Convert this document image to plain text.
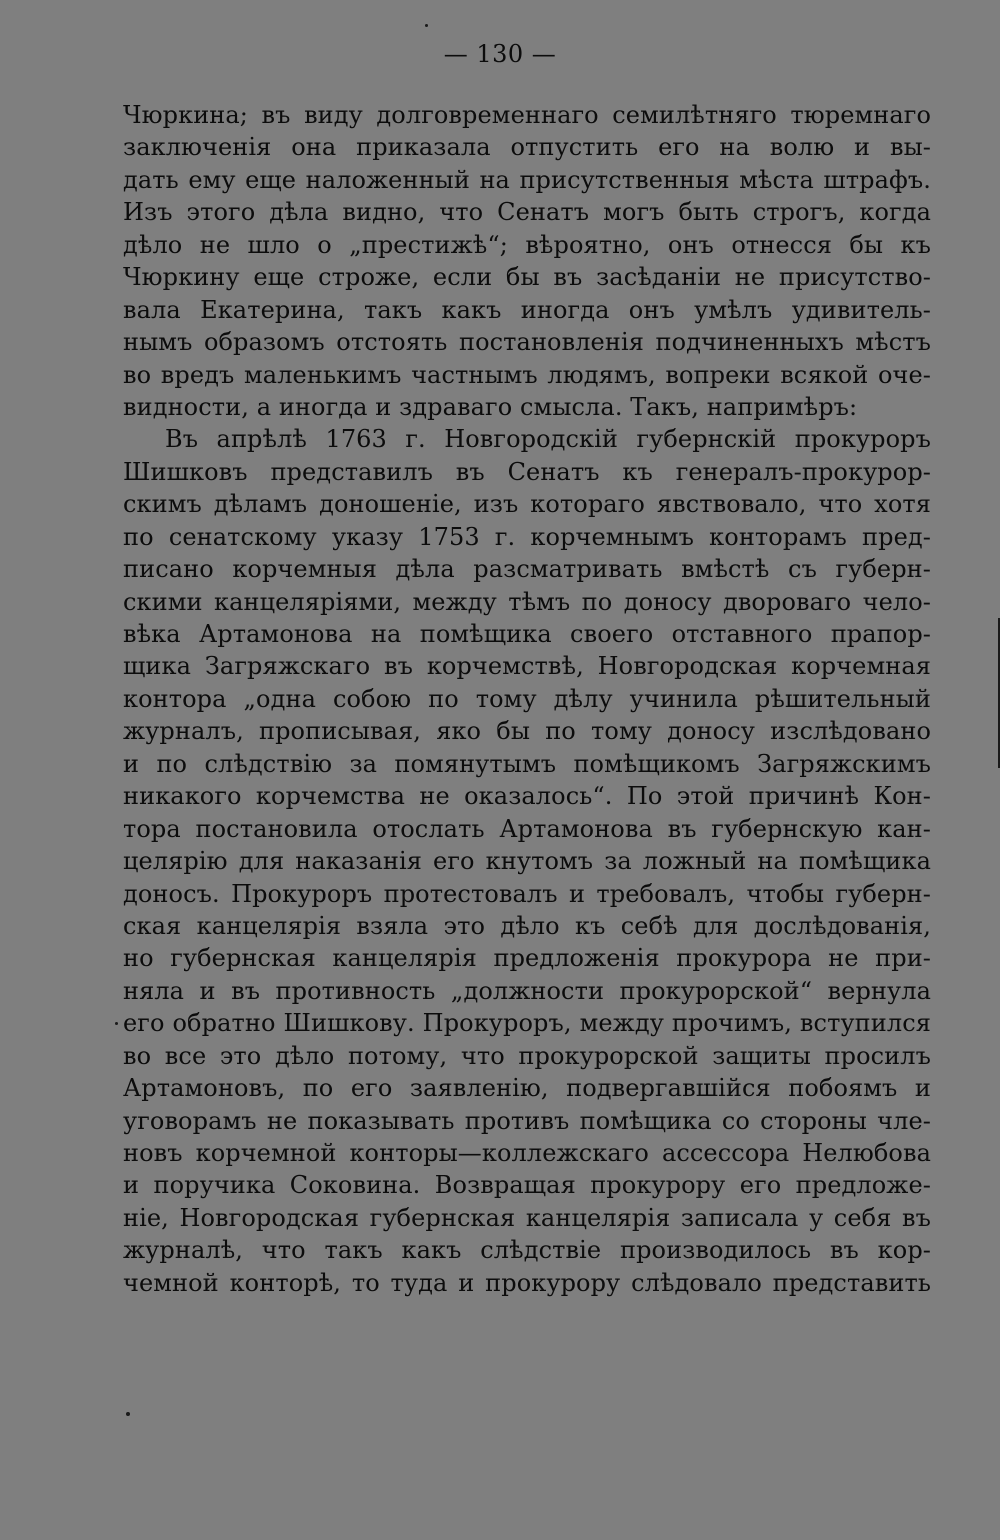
— 130 —
Чюркина; въ виду долговременнаго семилѣтняго тюремнаго
заключенія она приказала отпустить его на волю и вы-
дать ему еще наложенный на присутственныя мѣста штрафъ.
Изъ этого дѣла видно, что Сенатъ могъ быть строгъ, когда
дѣло не шло о „престижѣ“; вѣроятно, онъ отнесся бы къ
Чюркину еще строже, если бы въ засѣданіи не присутство-
вала Екатерина, такъ какъ иногда онъ умѣлъ удивитель-
нымъ образомъ отстоять постановленія подчиненныхъ мѣстъ
во вредъ маленькимъ частнымъ людямъ, вопреки всякой оче-
видности, а иногда и здраваго смысла. Такъ, напримѣръ:
Въ апрѣлѣ 1763 г. Новгородскій губернскій прокуроръ
Шишковъ представилъ въ Сенатъ къ генералъ-прокурор-
скимъ дѣламъ доношеніе, изъ котораго явствовало, что хотя
по сенатскому указу 1753 г. корчемнымъ конторамъ пред-
писано корчемныя дѣла разсматривать вмѣстѣ съ губерн-
скими канцеляріями, между тѣмъ по доносу двороваго чело-
вѣка Артамонова на помѣщика своего отставного прапор-
щика Загряжскаго въ корчемствѣ, Новгородская корчемная
контора „одна собою по тому дѣлу учинила рѣшительный
журналъ, прописывая, яко бы по тому доносу изслѣдовано
и по слѣдствію за помянутымъ помѣщикомъ Загряжскимъ
никакого корчемства не оказалось“. По этой причинѣ Кон-
тора постановила отослать Артамонова въ губернскую кан-
целярію для наказанія его кнутомъ за ложный на помѣщика
доносъ. Прокуроръ протестовалъ и требовалъ, чтобы губерн-
ская канцелярія взяла это дѣло къ себѣ для дослѣдованія,
но губернская канцелярія предложенія прокурора не при-
няла и въ противность „должности прокурорской“ вернула
его обратно Шишкову. Прокуроръ, между прочимъ, вступился
во все это дѣло потому, что прокурорской защиты просилъ
Артамоновъ, по его заявленію, подвергавшійся побоямъ и
уговорамъ не показывать противъ помѣщика со стороны чле-
новъ корчемной конторы—коллежскаго ассессора Нелюбова
и поручика Соковина. Возвращая прокурору его предложе-
ніе, Новгородская губернская канцелярія записала у себя въ
журналѣ, что такъ какъ слѣдствіе производилось въ кор-
чемной конторѣ, то туда и прокурору слѣдовало представить
